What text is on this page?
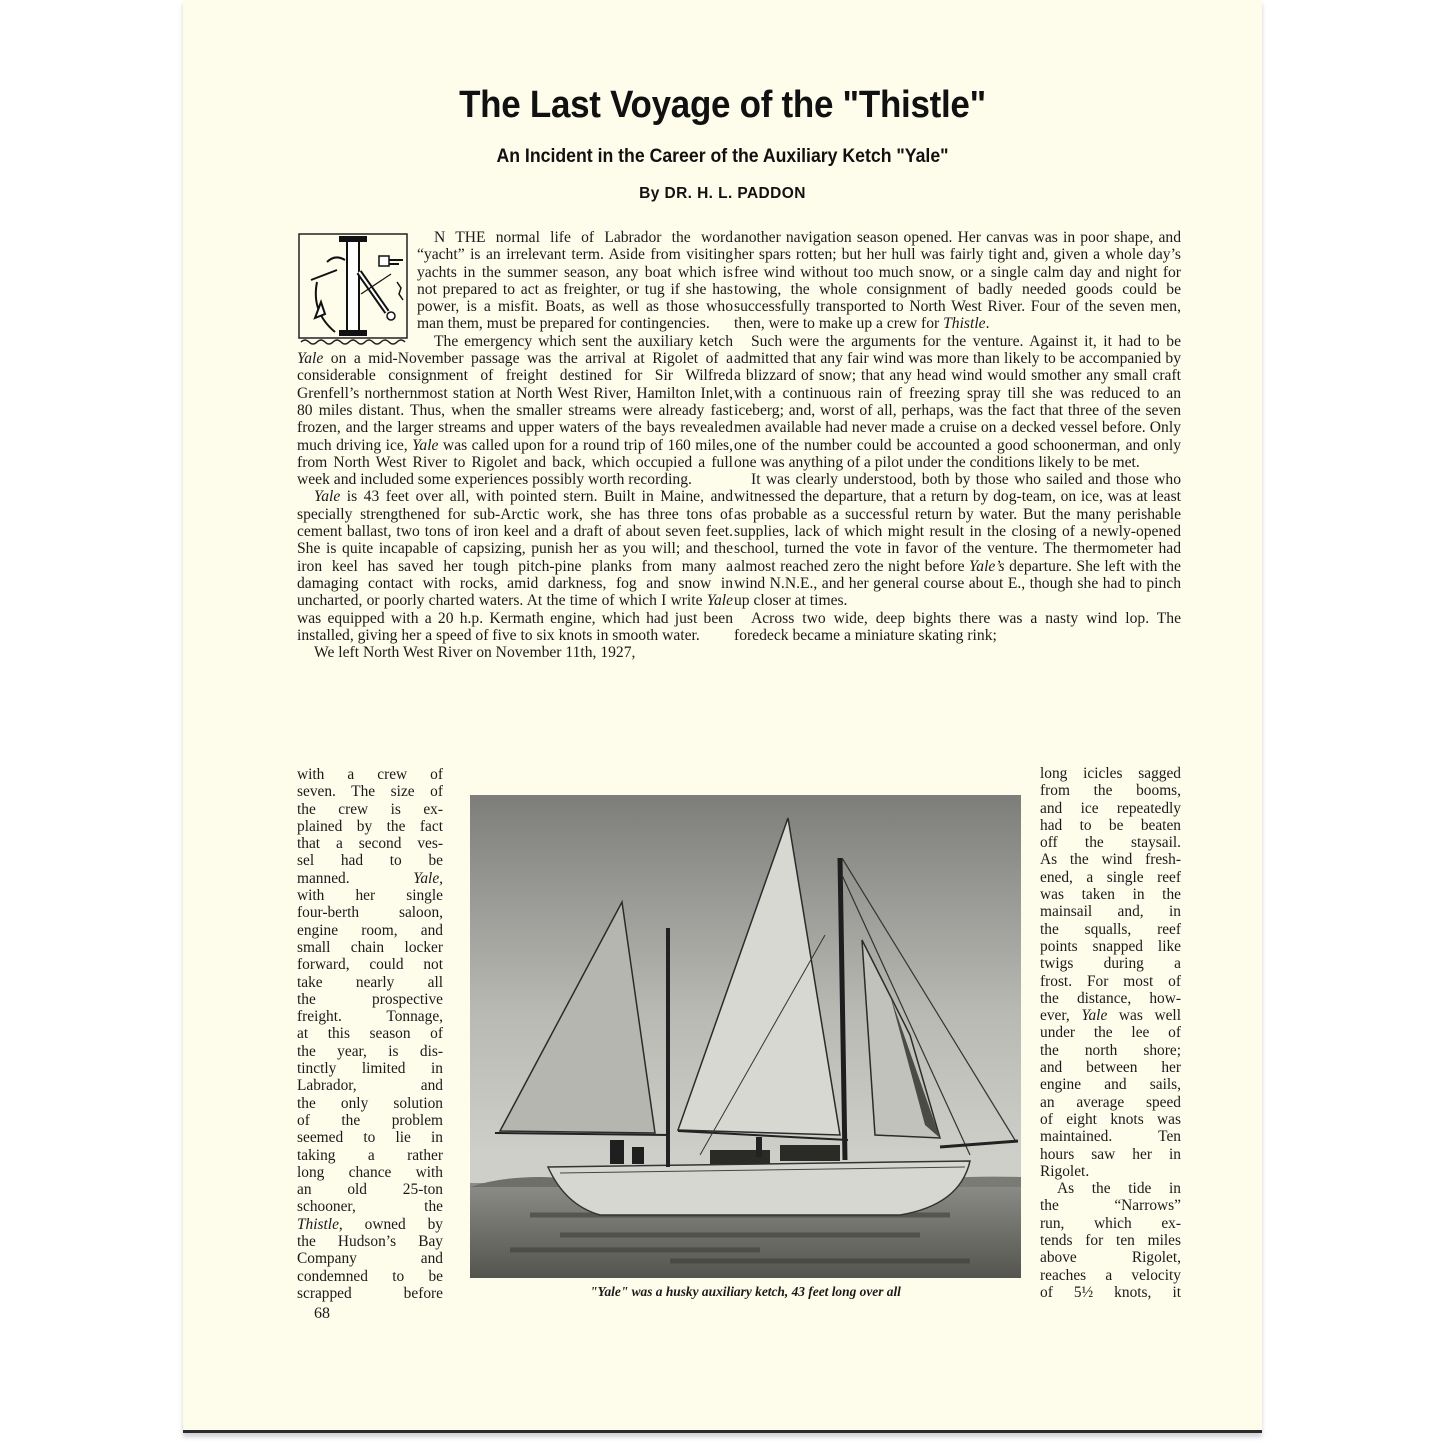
The Last Voyage of the "Thistle"
An Incident in the Career of the Auxiliary Ketch "Yale"
By DR. H. L. PADDON

N THE normal life of Labrador the word “yacht” is an irrelevant term. Aside from visiting yachts in the summer season, any boat which is not prepared to act as freighter, or tug if she has power, is a misfit. Boats, as well as those who man them, must be prepared for contingencies.

The emergency which sent the auxiliary ketch Yale on a mid-November passage was the arrival at Rigolet of a considerable consignment of freight destined for Sir Wilfred Grenfell’s northernmost station at North West River, Hamilton Inlet, 80 miles distant. Thus, when the smaller streams were already fast frozen, and the larger streams and upper waters of the bays revealed much driving ice, Yale was called upon for a round trip of 160 miles, from North West River to Rigolet and back, which occupied a full week and included some experiences possibly worth recording.

Yale is 43 feet over all, with pointed stern. Built in Maine, and specially strengthened for sub-Arctic work, she has three tons of cement ballast, two tons of iron keel and a draft of about seven feet. She is quite incapable of capsizing, punish her as you will; and the iron keel has saved her tough pitch-pine planks from many a damaging contact with rocks, amid darkness, fog and snow in uncharted, or poorly charted waters. At the time of which I write Yale was equipped with a 20 h.p. Kermath engine, which had just been installed, giving her a speed of five to six knots in smooth water.

We left North West River on November 11th, 1927,

another navigation season opened. Her canvas was in poor shape, and her spars rotten; but her hull was fairly tight and, given a whole day’s free wind without too much snow, or a single calm day and night for towing, the whole consignment of badly needed goods could be successfully transported to North West River. Four of the seven men, then, were to make up a crew for Thistle.

Such were the arguments for the venture. Against it, it had to be admitted that any fair wind was more than likely to be accompanied by a blizzard of snow; that any head wind would smother any small craft with a continuous rain of freezing spray till she was reduced to an iceberg; and, worst of all, perhaps, was the fact that three of the seven men available had never made a cruise on a decked vessel before. Only one of the number could be accounted a good schoonerman, and only one was anything of a pilot under the conditions likely to be met.

It was clearly understood, both by those who sailed and those who witnessed the departure, that a return by dog-team, on ice, was at least as probable as a successful return by water. But the many perishable supplies, lack of which might result in the closing of a newly-opened school, turned the vote in favor of the venture. The thermometer had almost reached zero the night before Yale’s departure. She left with the wind N.N.E., and her general course about E., though she had to pinch up closer at times.

Across two wide, deep bights there was a nasty wind lop. The foredeck became a miniature skating rink;

with a crew of

seven. The size of

the crew is ex-

plained by the fact

that a second ves-

sel had to be

manned. Yale,

with her single

four-berth saloon,

engine room, and

small chain locker

forward, could not

take nearly all

the prospective

freight. Tonnage,

at this season of

the year, is dis-

tinctly limited in

Labrador, and

the only solution

of the problem

seemed to lie in

taking a rather

long chance with

an old 25-ton

schooner, the

Thistle, owned by

the Hudson’s Bay

Company and

condemned to be

scrapped before	"Yale" was a husky auxiliary ketch, 43 feet long over all

long icicles sagged

from the booms,

and ice repeatedly

had to be beaten

off the staysail.

As the wind fresh-

ened, a single reef

was taken in the

mainsail and, in

the squalls, reef

points snapped like

twigs during a

frost. For most of

the distance, how-

ever, Yale was well

under the lee of

the north shore;

and between her

engine and sails,

an average speed

of eight knots was

maintained. Ten

hours saw her in

Rigolet.

As the tide in

the “Narrows”

run, which ex-

tends for ten miles

above Rigolet,

reaches a velocity

of 5½ knots, it

68
